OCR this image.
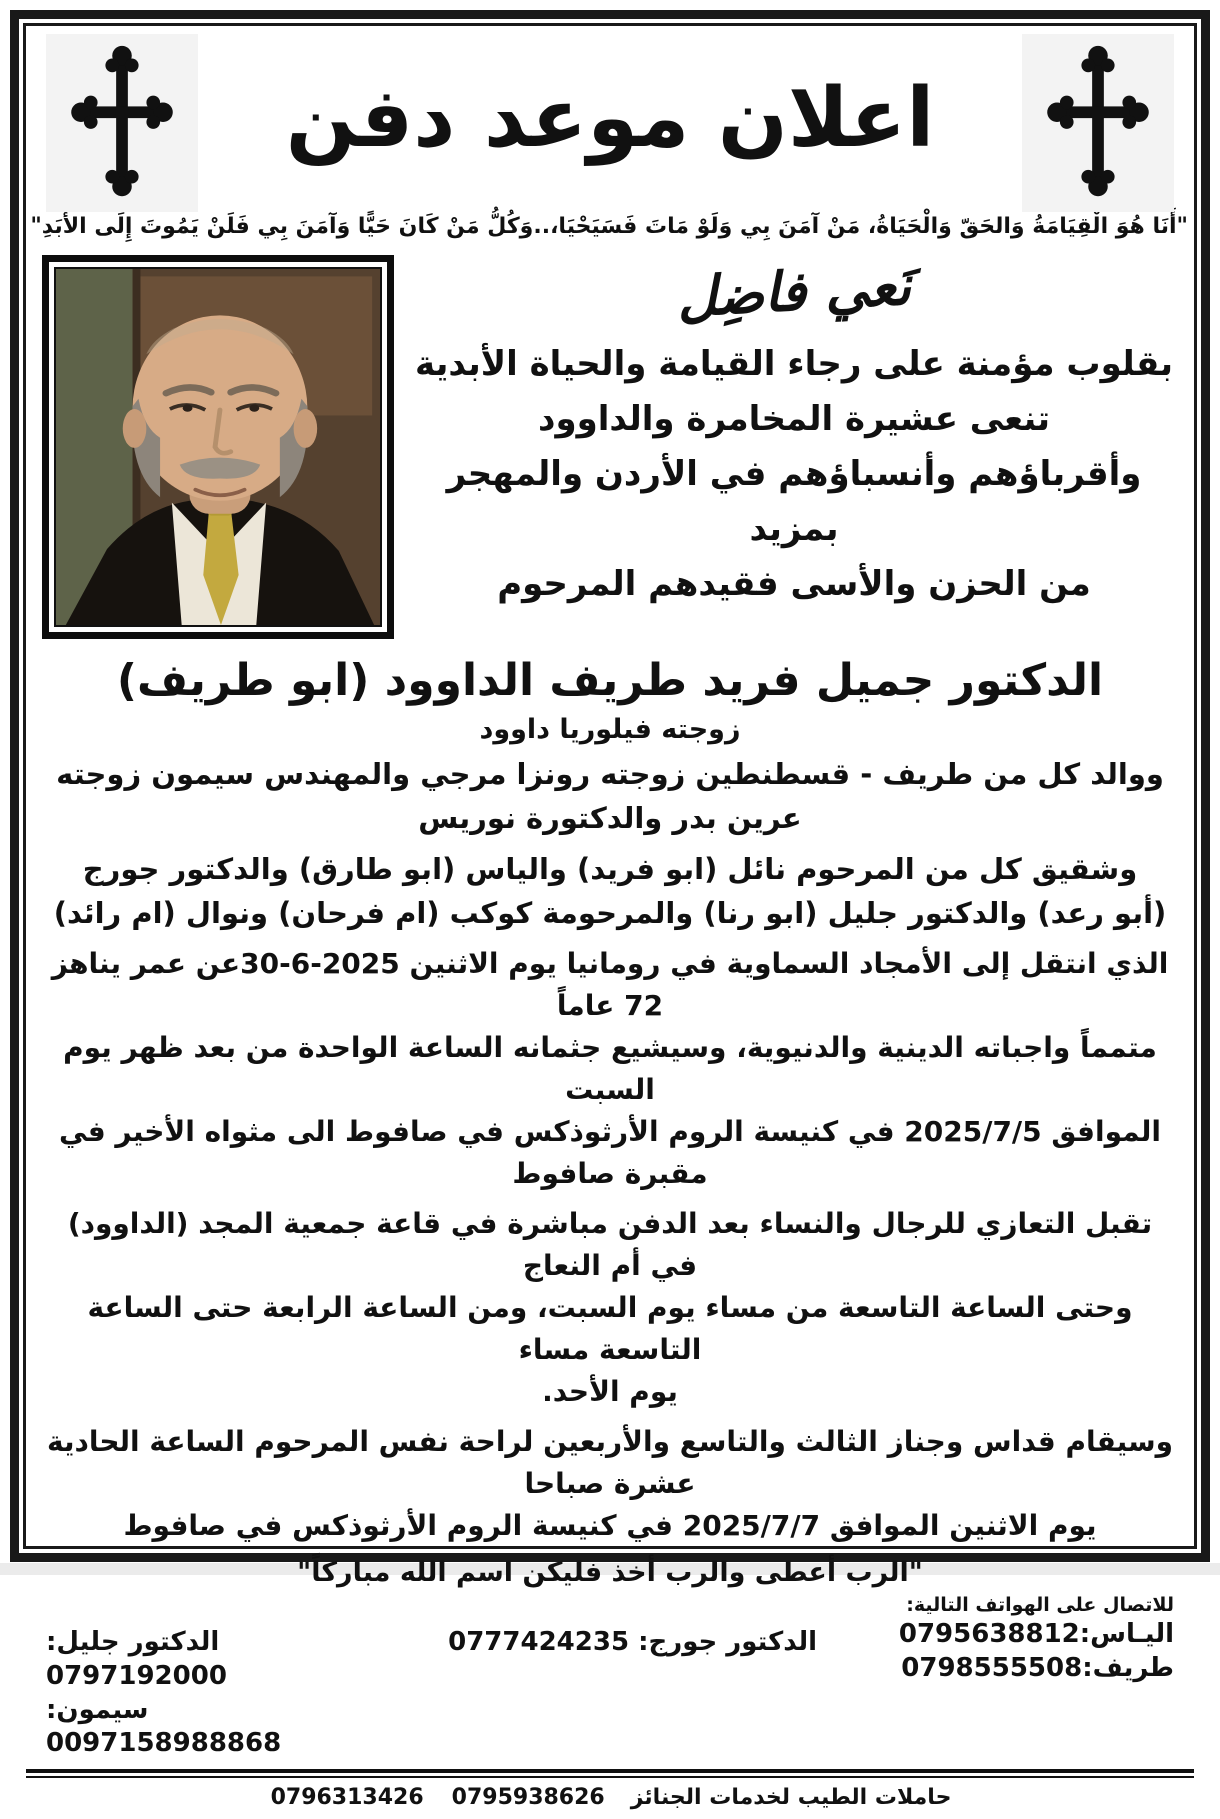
اعلان موعد دفن
"أَنَا هُوَ الْقِيَامَةُ وَالحَقّ وَالْحَيَاةُ، مَنْ آمَنَ بِي وَلَوْ مَاتَ فَسَيَحْيَا،..وَكُلُّ مَنْ كَانَ حَيًّا وَآمَنَ بِي فَلَنْ يَمُوتَ إِلَى الأَبَدِ"
نَعي فاضِل
بقلوب مؤمنة على رجاء القيامة والحياة الأبدية
تنعى عشيرة المخامرة والداوود
وأقرباؤهم وأنسباؤهم في الأردن والمهجر بمزيد
من الحزن والأسى فقيدهم المرحوم
الدكتور جميل فريد طريف الداوود (ابو طريف)
زوجته فيلوريا داوود
ووالد كل من طريف - قسطنطين زوجته رونزا مرجي والمهندس سيمون زوجته
عرين بدر والدكتورة نوريس
وشقيق كل من المرحوم نائل (ابو فريد) والياس (ابو طارق) والدكتور جورج
(أبو رعد) والدكتور جليل (ابو رنا) والمرحومة كوكب (ام فرحان) ونوال (ام رائد)
الذي انتقل إلى الأمجاد السماوية في رومانيا يوم الاثنين 2025-6-30عن عمر يناهز 72 عاماً
متمماً واجباته الدينية والدنيوية، وسيشيع جثمانه الساعة الواحدة من بعد ظهر يوم السبت
الموافق 2025/7/5 في كنيسة الروم الأرثوذكس في صافوط الى مثواه الأخير في مقبرة صافوط
تقبل التعازي للرجال والنساء بعد الدفن مباشرة في قاعة جمعية المجد (الداوود) في أم النعاج
وحتى الساعة التاسعة من مساء يوم السبت، ومن الساعة الرابعة حتى الساعة التاسعة مساء
يوم الأحد.
وسيقام قداس وجناز الثالث والتاسع والأربعين لراحة نفس المرحوم الساعة الحادية عشرة صباحا
يوم الاثنين الموافق 2025/7/7 في كنيسة الروم الأرثوذكس في صافوط
"الرب أعطى والرب أخذ فليكن اسم الله مباركاً"
للاتصال على الهواتف التالية:
اليـاس:0795638812
طريف:0798555508
الدكتور جورج: 0777424235
الدكتور جليل: 0797192000
سيمون: 0097158988868
حاملات الطيب لخدمات الجنائز0796313426 0795938626
